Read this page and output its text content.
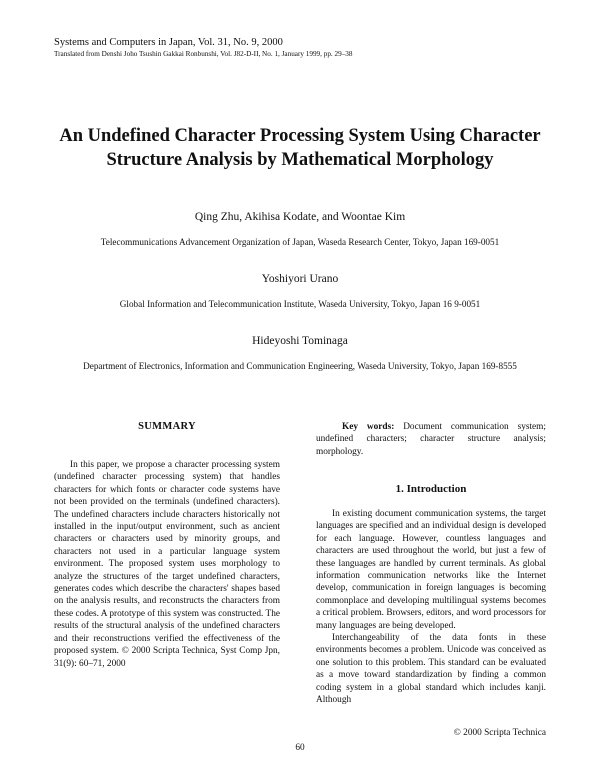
Systems and Computers in Japan, Vol. 31, No. 9, 2000
Translated from Denshi Joho Tsushin Gakkai Ronbunshi, Vol. J82-D-II, No. 1, January 1999, pp. 29–38
An Undefined Character Processing System Using Character
Structure Analysis by Mathematical Morphology
Qing Zhu, Akihisa Kodate, and Woontae Kim
Telecommunications Advancement Organization of Japan, Waseda Research Center, Tokyo, Japan 169-0051
Yoshiyori Urano
Global Information and Telecommunication Institute, Waseda University, Tokyo, Japan 16 9-0051
Hideyoshi Tominaga
Department of Electronics, Information and Communication Engineering, Waseda University, Tokyo, Japan 169-8555
SUMMARY

In this paper, we propose a character processing system (undefined character processing system) that handles characters for which fonts or character code systems have not been provided on the terminals (undefined characters). The undefined characters include characters historically not installed in the input/output environment, such as ancient characters or characters used by minority groups, and characters not used in a particular language system environment. The proposed system uses morphology to analyze the structures of the target undefined characters, generates codes which describe the characters' shapes based on the analysis results, and reconstructs the characters from these codes. A prototype of this system was constructed. The results of the structural analysis of the undefined characters and their reconstructions verified the effectiveness of the proposed system. © 2000 Scripta Technica, Syst Comp Jpn, 31(9): 60–71, 2000

Key words: Document communication system; undefined characters; character structure analysis; morphology.

1. Introduction

In existing document communication systems, the target languages are specified and an individual design is developed for each language. However, countless languages and characters are used throughout the world, but just a few of these languages are handled by current terminals. As global information communication networks like the Internet develop, communication in foreign languages is becoming commonplace and developing multilingual systems becomes a critical problem. Browsers, editors, and word processors for many languages are being developed.

Interchangeability of the data fonts in these environments becomes a problem. Unicode was conceived as one solution to this problem. This standard can be evaluated as a move toward standardization by finding a common coding system in a global standard which includes kanji. Although

© 2000 Scripta Technica
60
